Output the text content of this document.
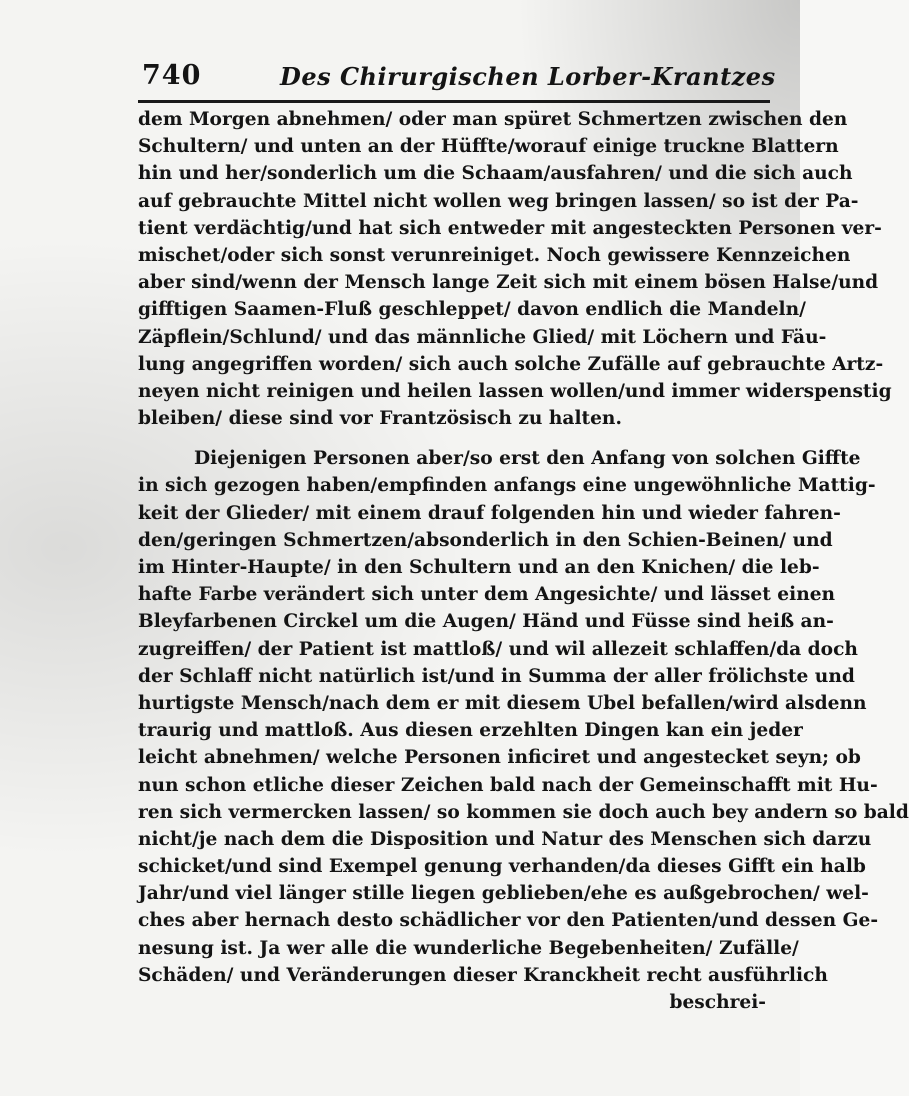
740	Des Chirurgischen Lorber-Krantzes
dem Morgen abnehmen/ oder man spüret Schmertzen zwischen den
Schultern/ und unten an der Hüffte/worauf einige truckne Blattern
hin und her/sonderlich um die Schaam/ausfahren/ und die sich auch
auf gebrauchte Mittel nicht wollen weg bringen lassen/ so ist der Pa-
tient verdächtig/und hat sich entweder mit angesteckten Personen ver-
mischet/oder sich sonst verunreiniget. Noch gewissere Kennzeichen
aber sind/wenn der Mensch lange Zeit sich mit einem bösen Halse/und
gifftigen Saamen-Fluß geschleppet/ davon endlich die Mandeln/
Zäpflein/Schlund/ und das männliche Glied/ mit Löchern und Fäu-
lung angegriffen worden/ sich auch solche Zufälle auf gebrauchte Artz-
neyen nicht reinigen und heilen lassen wollen/und immer widerspenstig
bleiben/ diese sind vor Frantzösisch zu halten.
Diejenigen Personen aber/so erst den Anfang von solchen Giffte
in sich gezogen haben/empfinden anfangs eine ungewöhnliche Mattig-
keit der Glieder/ mit einem drauf folgenden hin und wieder fahren-
den/geringen Schmertzen/absonderlich in den Schien-Beinen/ und
im Hinter-Haupte/ in den Schultern und an den Knichen/ die leb-
hafte Farbe verändert sich unter dem Angesichte/ und lässet einen
Bleyfarbenen Circkel um die Augen/ Händ und Füsse sind heiß an-
zugreiffen/ der Patient ist mattloß/ und wil allezeit schlaffen/da doch
der Schlaff nicht natürlich ist/und in Summa der aller frölichste und
hurtigste Mensch/nach dem er mit diesem Ubel befallen/wird alsdenn
traurig und mattloß. Aus diesen erzehlten Dingen kan ein jeder
leicht abnehmen/ welche Personen inficiret und angestecket seyn; ob
nun schon etliche dieser Zeichen bald nach der Gemeinschafft mit Hu-
ren sich vermercken lassen/ so kommen sie doch auch bey andern so bald
nicht/je nach dem die Disposition und Natur des Menschen sich darzu
schicket/und sind Exempel genung verhanden/da dieses Gifft ein halb
Jahr/und viel länger stille liegen geblieben/ehe es außgebrochen/ wel-
ches aber hernach desto schädlicher vor den Patienten/und dessen Ge-
nesung ist. Ja wer alle die wunderliche Begebenheiten/ Zufälle/
Schäden/ und Veränderungen dieser Kranckheit recht ausführlich
beschrei-
